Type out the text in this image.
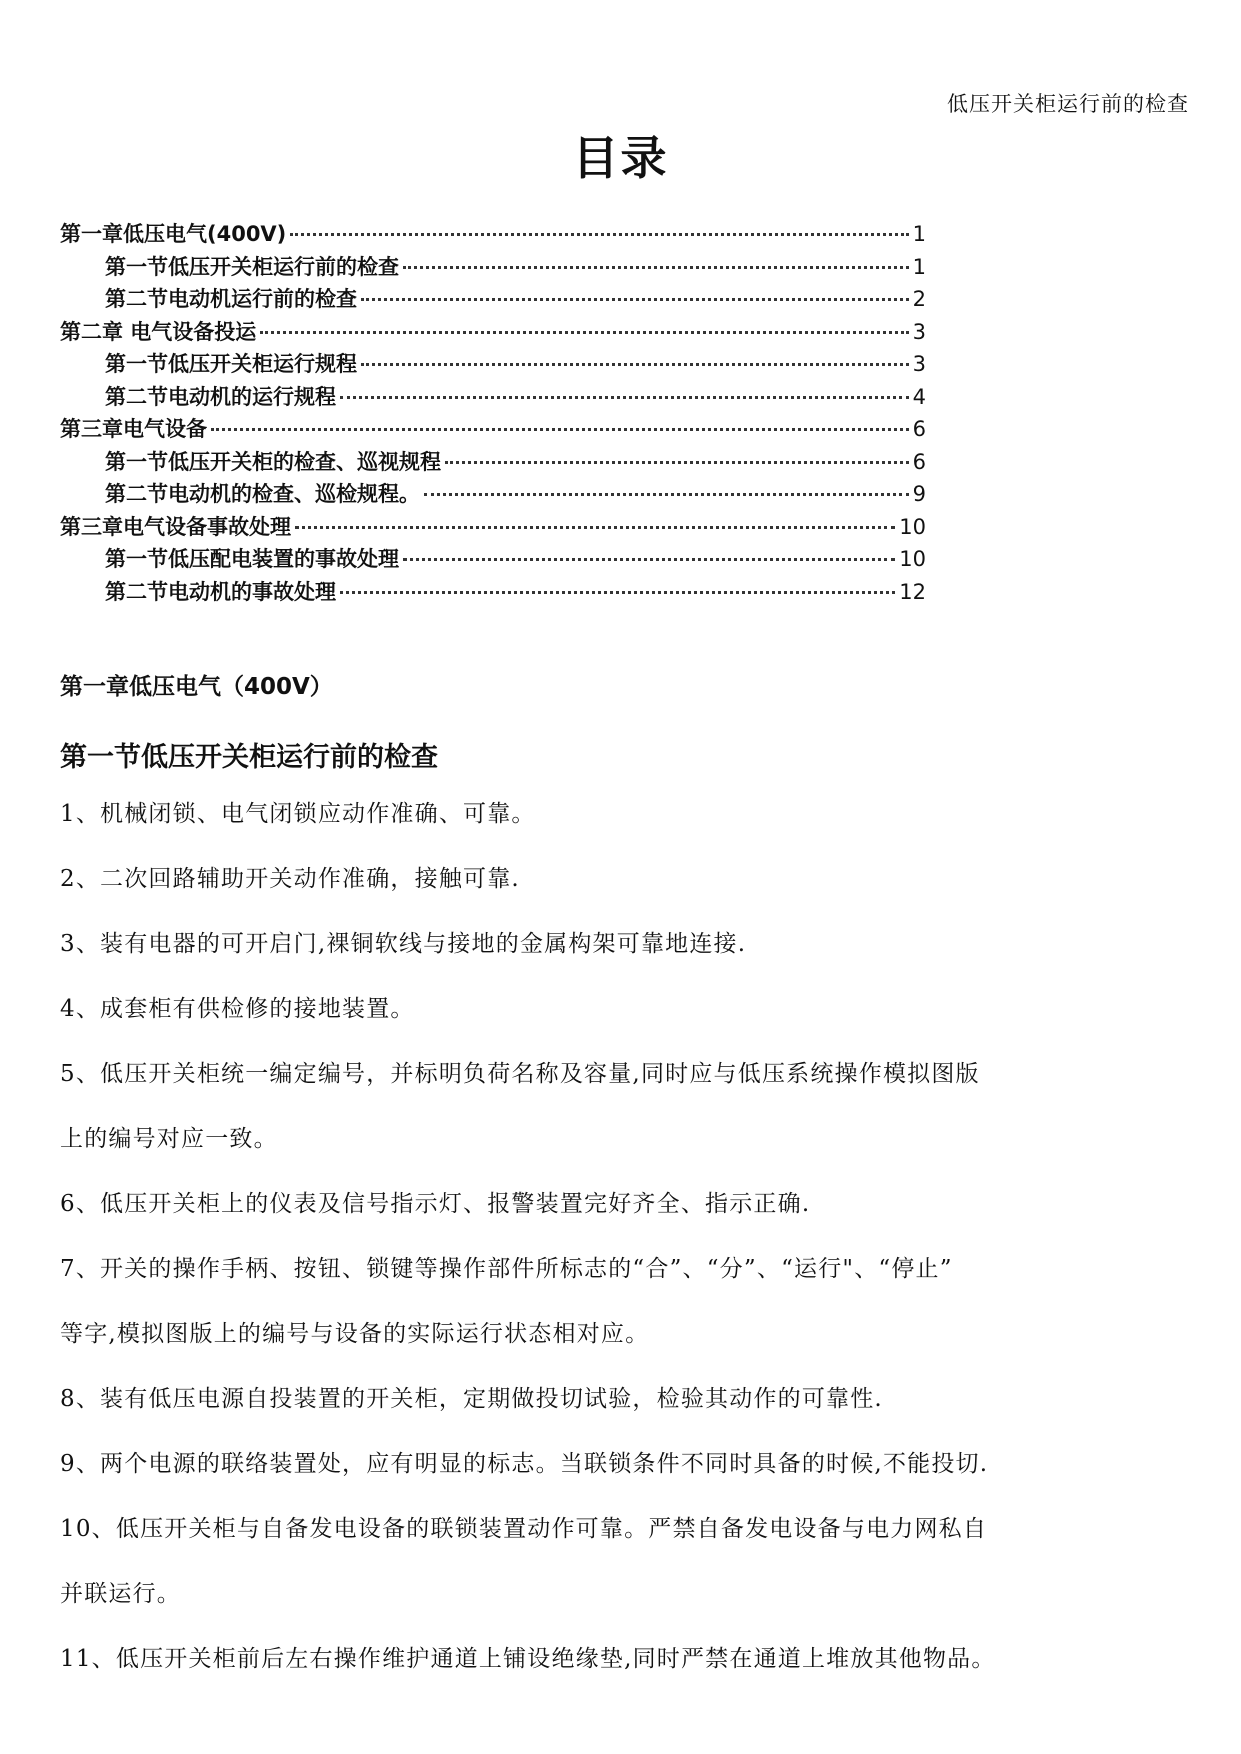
低压开关柜运行前的检查
目录
第一章低压电气(400V)	1
第一节低压开关柜运行前的检查	1
第二节电动机运行前的检查	2
第二章 电气设备投运	3
第一节低压开关柜运行规程	3
第二节电动机的运行规程	4
第三章电气设备	6
第一节低压开关柜的检查、巡视规程	6
第二节电动机的检查、巡检规程。	9
第三章电气设备事故处理	10
第一节低压配电装置的事故处理	10
第二节电动机的事故处理	12
第一章低压电气（400V）
第一节低压开关柜运行前的检查
1、机械闭锁、电气闭锁应动作准确、可靠。
2、二次回路辅助开关动作准确，接触可靠.
3、装有电器的可开启门,裸铜软线与接地的金属构架可靠地连接.
4、成套柜有供检修的接地装置。
5、低压开关柜统一编定编号，并标明负荷名称及容量,同时应与低压系统操作模拟图版
上的编号对应一致。
6、低压开关柜上的仪表及信号指示灯、报警装置完好齐全、指示正确.
7、开关的操作手柄、按钮、锁键等操作部件所标志的“合”、“分”、“运行"、“停止”
等字,模拟图版上的编号与设备的实际运行状态相对应。
8、装有低压电源自投装置的开关柜，定期做投切试验，检验其动作的可靠性.
9、两个电源的联络装置处，应有明显的标志。当联锁条件不同时具备的时候,不能投切.
10、低压开关柜与自备发电设备的联锁装置动作可靠。严禁自备发电设备与电力网私自
并联运行。
11、低压开关柜前后左右操作维护通道上铺设绝缘垫,同时严禁在通道上堆放其他物品。
